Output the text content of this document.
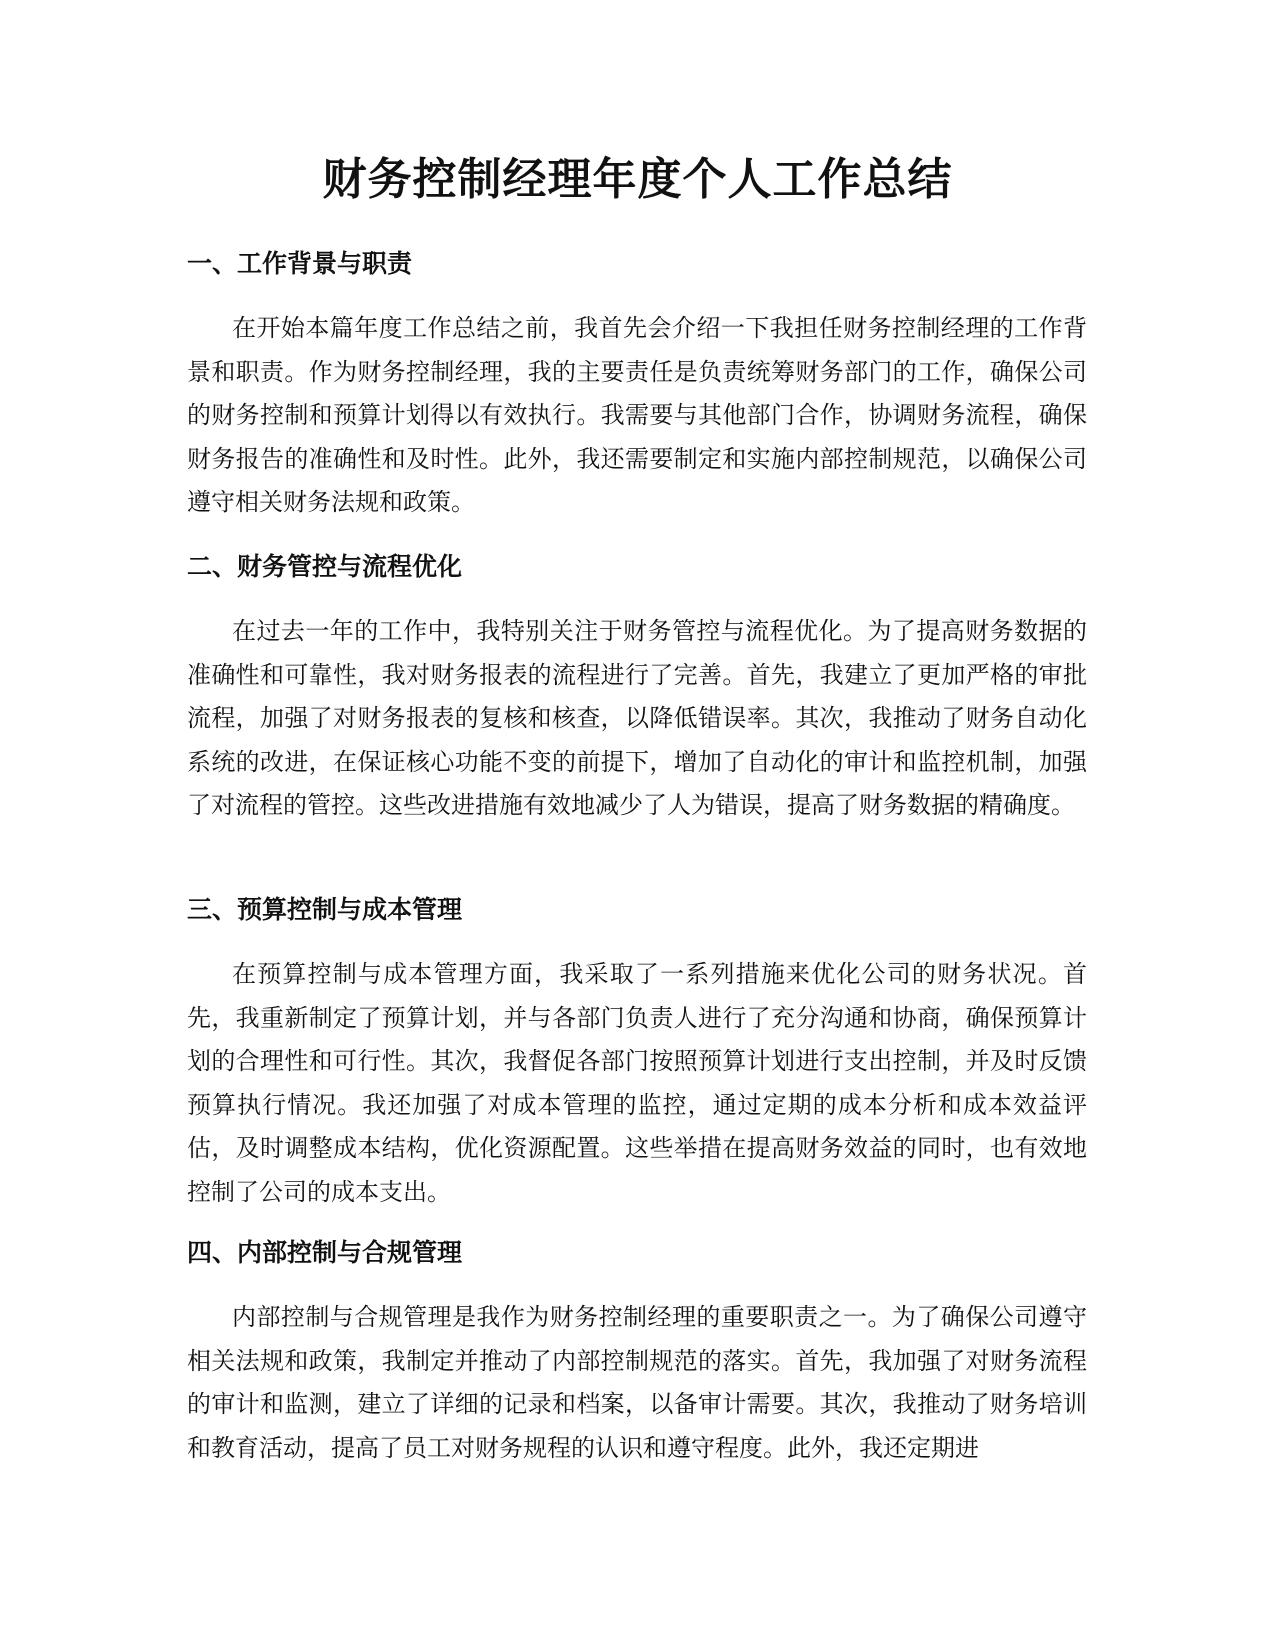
财务控制经理年度个人工作总结
一、工作背景与职责

在开始本篇年度工作总结之前，我首先会介绍一下我担任财务控制经理的工作背景和职责。作为财务控制经理，我的主要责任是负责统筹财务部门的工作，确保公司的财务控制和预算计划得以有效执行。我需要与其他部门合作，协调财务流程，确保财务报告的准确性和及时性。此外，我还需要制定和实施内部控制规范，以确保公司遵守相关财务法规和政策。

二、财务管控与流程优化

在过去一年的工作中，我特别关注于财务管控与流程优化。为了提高财务数据的准确性和可靠性，我对财务报表的流程进行了完善。首先，我建立了更加严格的审批流程，加强了对财务报表的复核和核查，以降低错误率。其次，我推动了财务自动化系统的改进，在保证核心功能不变的前提下，增加了自动化的审计和监控机制，加强了对流程的管控。这些改进措施有效地减少了人为错误，提高了财务数据的精确度。

三、预算控制与成本管理

在预算控制与成本管理方面，我采取了一系列措施来优化公司的财务状况。首先，我重新制定了预算计划，并与各部门负责人进行了充分沟通和协商，确保预算计划的合理性和可行性。其次，我督促各部门按照预算计划进行支出控制，并及时反馈预算执行情况。我还加强了对成本管理的监控，通过定期的成本分析和成本效益评估，及时调整成本结构，优化资源配置。这些举措在提高财务效益的同时，也有效地控制了公司的成本支出。

四、内部控制与合规管理

内部控制与合规管理是我作为财务控制经理的重要职责之一。为了确保公司遵守相关法规和政策，我制定并推动了内部控制规范的落实。首先，我加强了对财务流程的审计和监测，建立了详细的记录和档案，以备审计需要。其次，我推动了财务培训和教育活动，提高了员工对财务规程的认识和遵守程度。此外，我还定期进
